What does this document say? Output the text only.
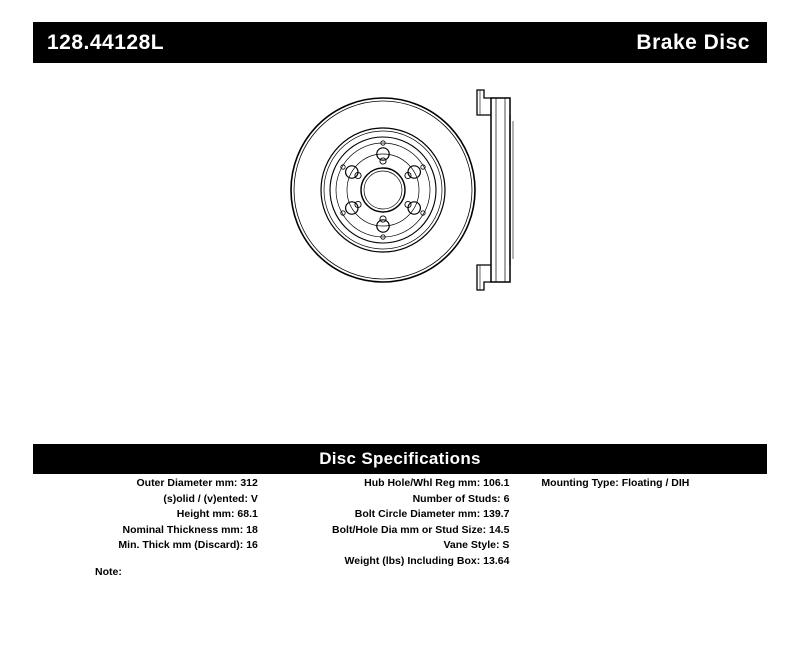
128.44128L	Brake Disc
Disc Specifications
Outer Diameter mm: 312
(s)olid / (v)ented: V
Height mm: 68.1
Nominal Thickness mm: 18
Min. Thick mm (Discard): 16
Hub Hole/Whl Reg mm: 106.1
Number of Studs: 6
Bolt Circle Diameter mm: 139.7
Bolt/Hole Dia mm or Stud Size: 14.5
Vane Style: S
Weight (lbs) Including Box: 13.64
Mounting Type: Floating / DIH
Note:
